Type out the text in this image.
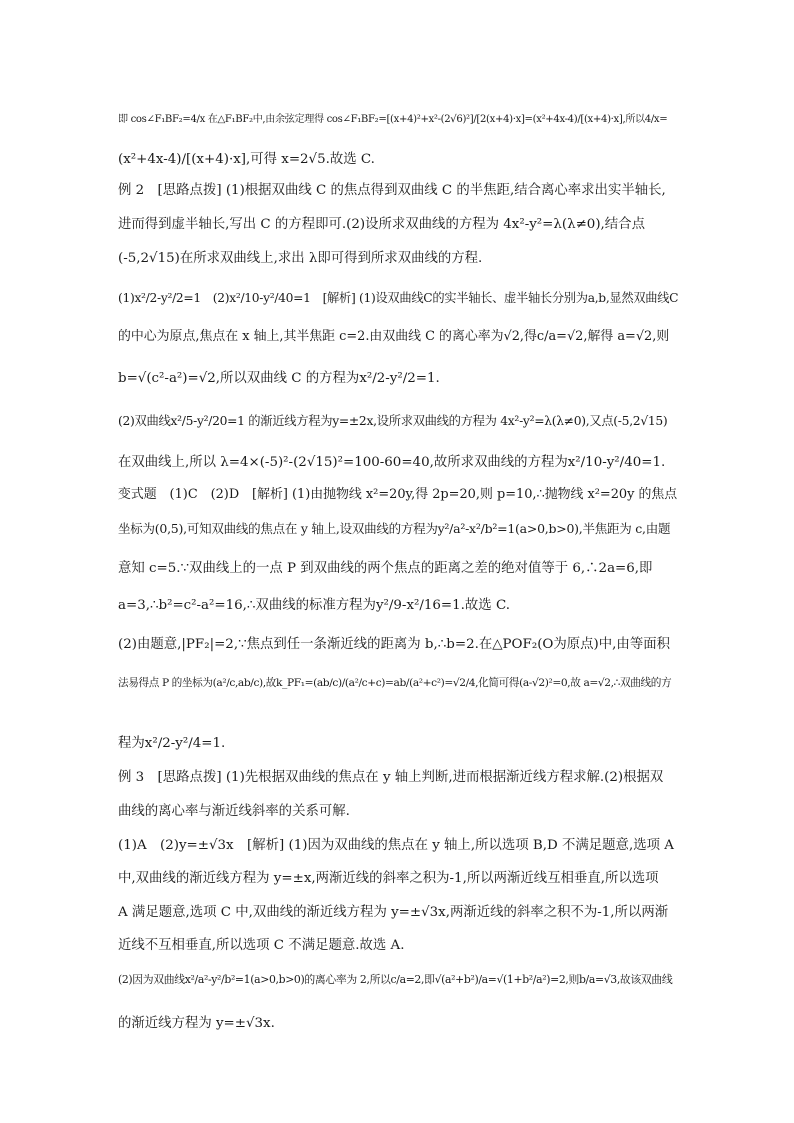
即 cos∠F₁BF₂=4/x 在△F₁BF₂中,由余弦定理得 cos∠F₁BF₂=[(x+4)²+x²-(2√6)²]/[2(x+4)·x]=(x²+4x-4)/[(x+4)·x],所以4/x=
(x²+4x-4)/[(x+4)·x],可得 x=2√5.故选 C.
例 2　[思路点拨] (1)根据双曲线 C 的焦点得到双曲线 C 的半焦距,结合离心率求出实半轴长,
进而得到虚半轴长,写出 C 的方程即可.(2)设所求双曲线的方程为 4x²-y²=λ(λ≠0),结合点
(-5,2√15)在所求双曲线上,求出 λ即可得到所求双曲线的方程.
(1)x²/2-y²/2=1　(2)x²/10-y²/40=1　[解析] (1)设双曲线C的实半轴长、虚半轴长分别为a,b,显然双曲线C
的中心为原点,焦点在 x 轴上,其半焦距 c=2.由双曲线 C 的离心率为√2,得c/a=√2,解得 a=√2,则
b=√(c²-a²)=√2,所以双曲线 C 的方程为x²/2-y²/2=1.
(2)双曲线x²/5-y²/20=1 的渐近线方程为y=±2x,设所求双曲线的方程为 4x²-y²=λ(λ≠0),又点(-5,2√15)
在双曲线上,所以 λ=4×(-5)²-(2√15)²=100-60=40,故所求双曲线的方程为x²/10-y²/40=1.
变式题　(1)C　(2)D　[解析] (1)由抛物线 x²=20y,得 2p=20,则 p=10,∴抛物线 x²=20y 的焦点
坐标为(0,5),可知双曲线的焦点在 y 轴上,设双曲线的方程为y²/a²-x²/b²=1(a>0,b>0),半焦距为 c,由题
意知 c=5.∵双曲线上的一点 P 到双曲线的两个焦点的距离之差的绝对值等于 6,∴2a=6,即
a=3,∴b²=c²-a²=16,∴双曲线的标准方程为y²/9-x²/16=1.故选 C.
(2)由题意,|PF₂|=2,∵焦点到任一条渐近线的距离为 b,∴b=2.在△POF₂(O为原点)中,由等面积
法易得点 P 的坐标为(a²/c,ab/c),故k_PF₁=(ab/c)/(a²/c+c)=ab/(a²+c²)=√2/4,化简可得(a-√2)²=0,故 a=√2,∴双曲线的方
程为x²/2-y²/4=1.
例 3　[思路点拨] (1)先根据双曲线的焦点在 y 轴上判断,进而根据渐近线方程求解.(2)根据双
曲线的离心率与渐近线斜率的关系可解.
(1)A　(2)y=±√3x　[解析] (1)因为双曲线的焦点在 y 轴上,所以选项 B,D 不满足题意,选项 A
中,双曲线的渐近线方程为 y=±x,两渐近线的斜率之积为-1,所以两渐近线互相垂直,所以选项
A 满足题意,选项 C 中,双曲线的渐近线方程为 y=±√3x,两渐近线的斜率之积不为-1,所以两渐
近线不互相垂直,所以选项 C 不满足题意.故选 A.
(2)因为双曲线x²/a²-y²/b²=1(a>0,b>0)的离心率为 2,所以c/a=2,即√(a²+b²)/a=√(1+b²/a²)=2,则b/a=√3,故该双曲线
的渐近线方程为 y=±√3x.
